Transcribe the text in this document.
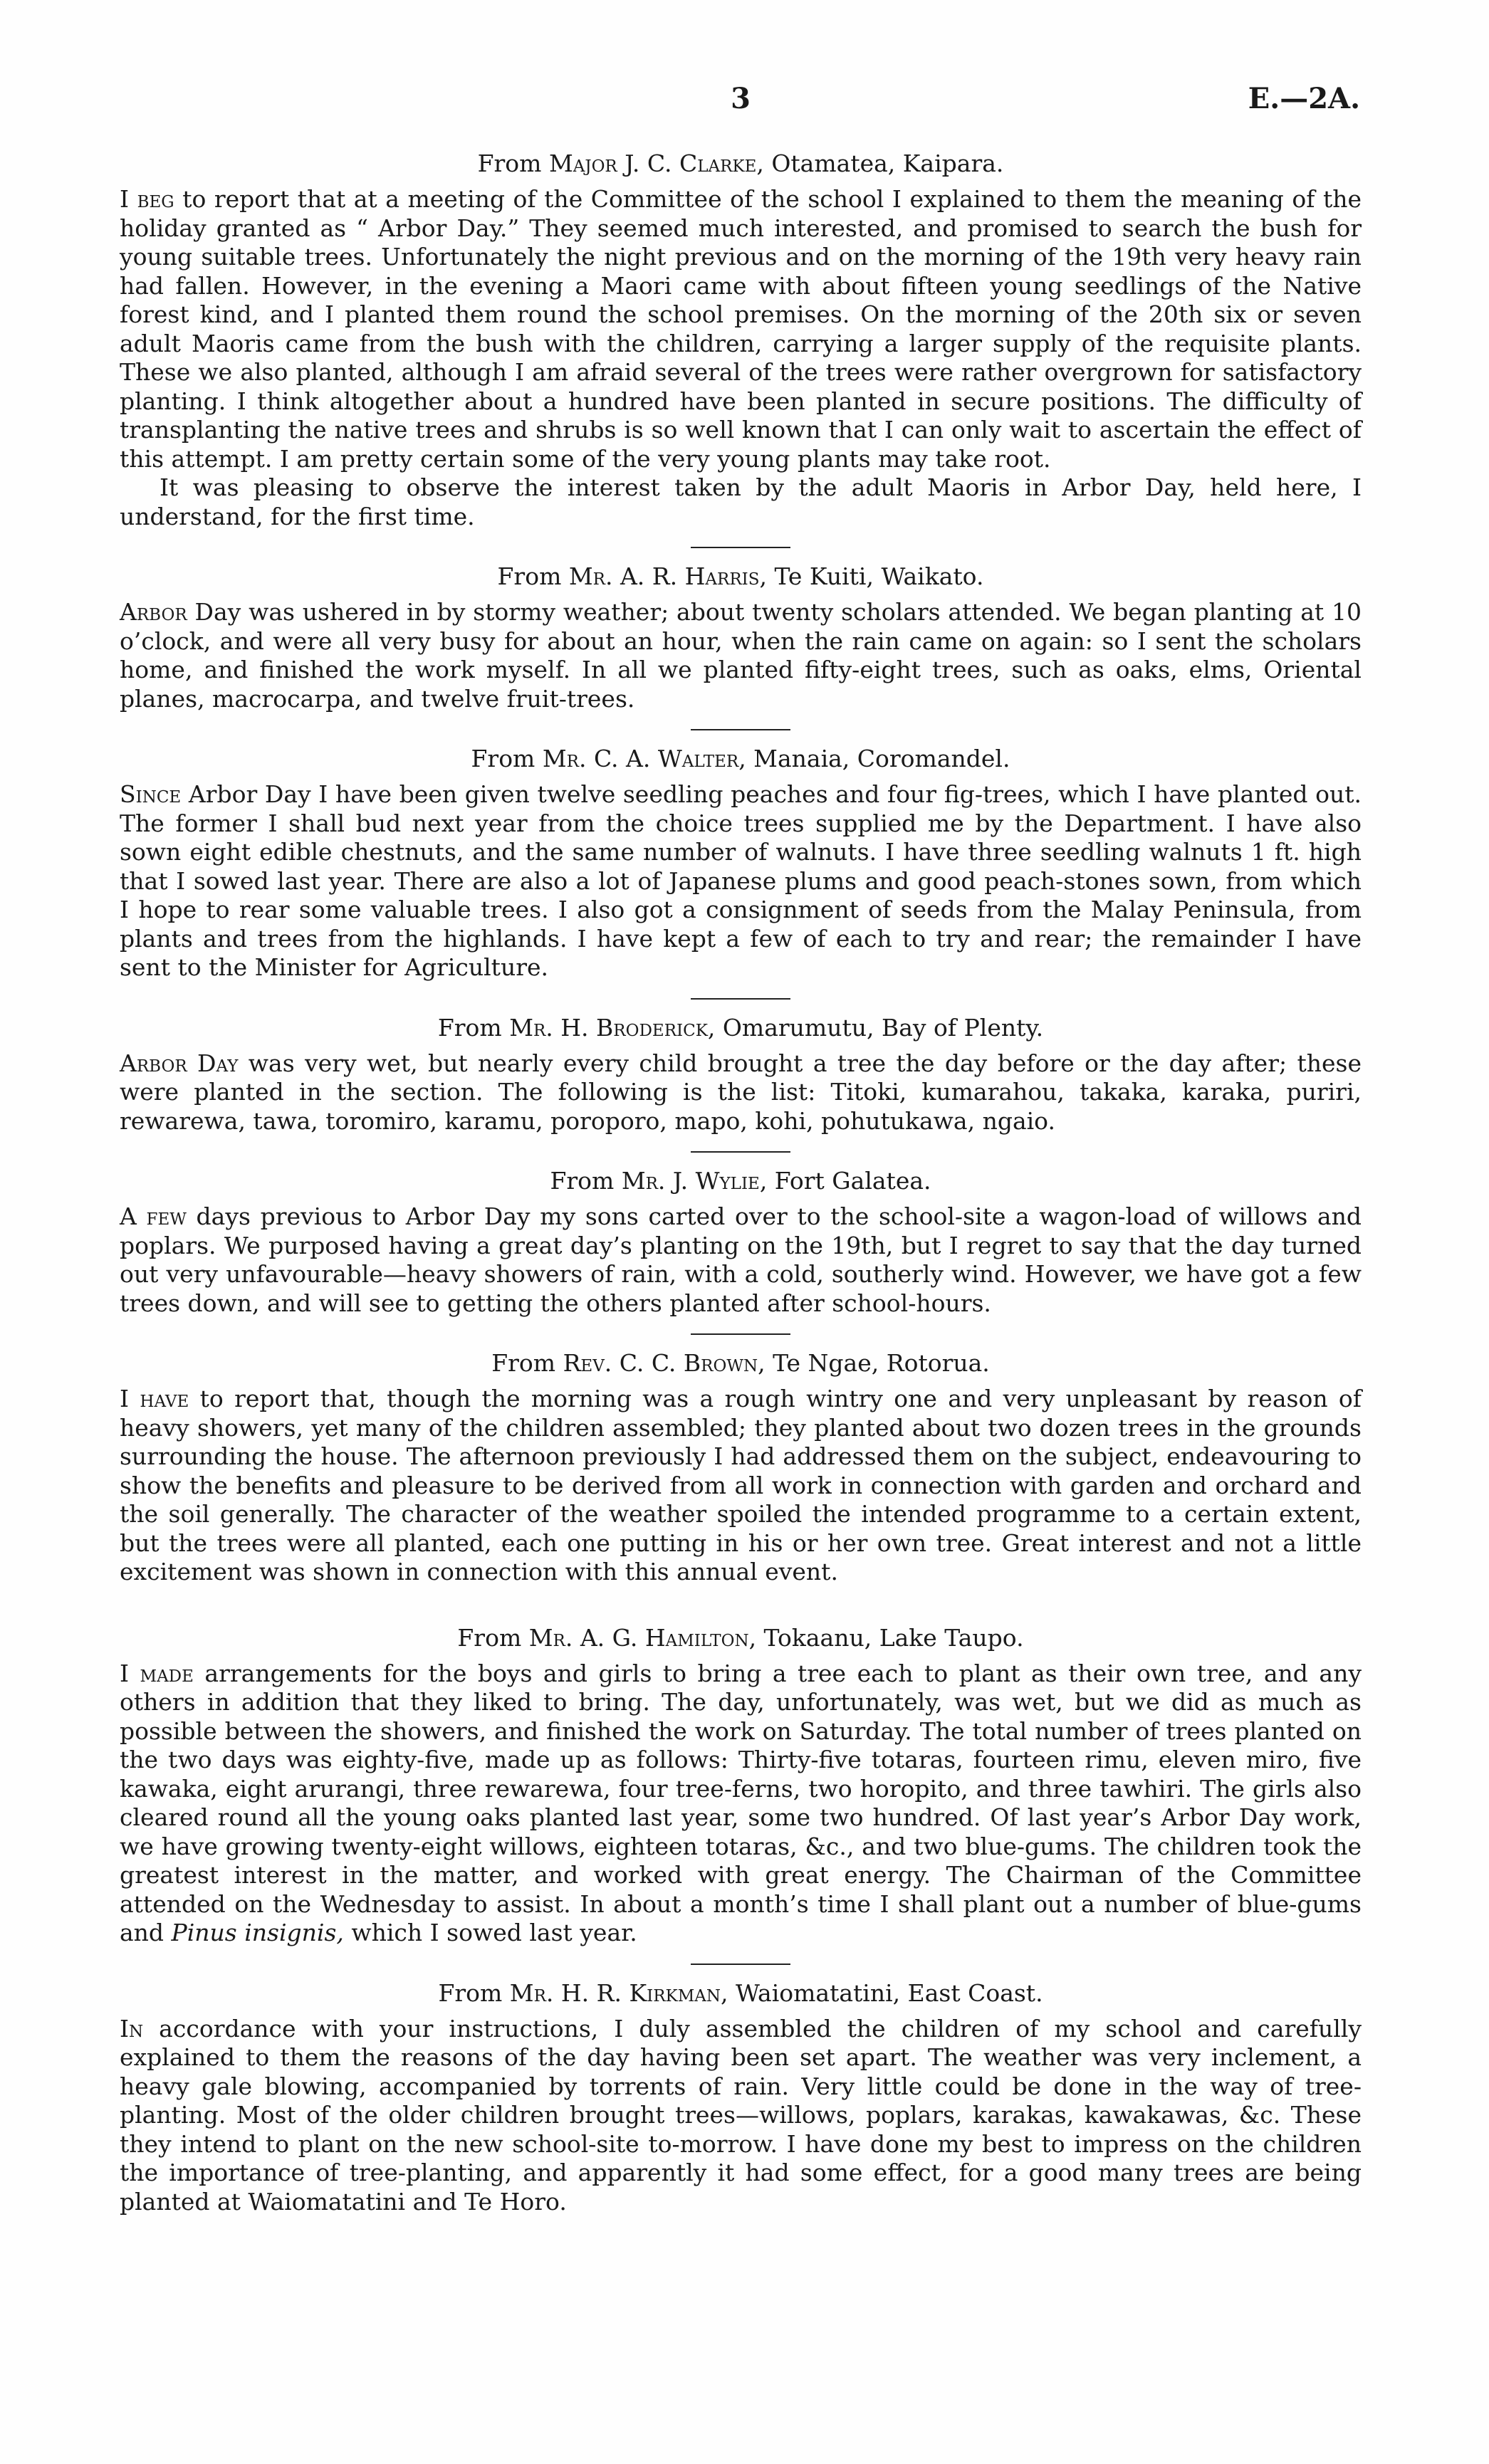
3	E.—2A.

From Major J. C. Clarke, Otamatea, Kaipara.

I beg to report that at a meeting of the Committee of the school I explained to them the meaning of the holiday granted as “ Arbor Day.” They seemed much interested, and promised to search the bush for young suitable trees. Unfortunately the night previous and on the morning of the 19th very heavy rain had fallen. However, in the evening a Maori came with about fifteen young seedlings of the Native forest kind, and I planted them round the school premises. On the morning of the 20th six or seven adult Maoris came from the bush with the children, carrying a larger supply of the requisite plants. These we also planted, although I am afraid several of the trees were rather overgrown for satisfactory planting. I think altogether about a hundred have been planted in secure positions. The difficulty of transplanting the native trees and shrubs is so well known that I can only wait to ascertain the effect of this attempt. I am pretty certain some of the very young plants may take root.

It was pleasing to observe the interest taken by the adult Maoris in Arbor Day, held here, I understand, for the first time.

From Mr. A. R. Harris, Te Kuiti, Waikato.

Arbor Day was ushered in by stormy weather; about twenty scholars attended. We began planting at 10 o’clock, and were all very busy for about an hour, when the rain came on again: so I sent the scholars home, and finished the work myself. In all we planted fifty-eight trees, such as oaks, elms, Oriental planes, macrocarpa, and twelve fruit-trees.

From Mr. C. A. Walter, Manaia, Coromandel.

Since Arbor Day I have been given twelve seedling peaches and four fig-trees, which I have planted out. The former I shall bud next year from the choice trees supplied me by the Department. I have also sown eight edible chestnuts, and the same number of walnuts. I have three seedling walnuts 1 ft. high that I sowed last year. There are also a lot of Japanese plums and good peach-stones sown, from which I hope to rear some valuable trees. I also got a consignment of seeds from the Malay Peninsula, from plants and trees from the highlands. I have kept a few of each to try and rear; the remainder I have sent to the Minister for Agriculture.

From Mr. H. Broderick, Omarumutu, Bay of Plenty.

Arbor Day was very wet, but nearly every child brought a tree the day before or the day after; these were planted in the section. The following is the list: Titoki, kumarahou, takaka, karaka, puriri, rewarewa, tawa, toromiro, karamu, poroporo, mapo, kohi, pohutukawa, ngaio.

From Mr. J. Wylie, Fort Galatea.

A few days previous to Arbor Day my sons carted over to the school-site a wagon-load of willows and poplars. We purposed having a great day’s planting on the 19th, but I regret to say that the day turned out very unfavourable—heavy showers of rain, with a cold, southerly wind. However, we have got a few trees down, and will see to getting the others planted after school-hours.

From Rev. C. C. Brown, Te Ngae, Rotorua.

I have to report that, though the morning was a rough wintry one and very unpleasant by reason of heavy showers, yet many of the children assembled; they planted about two dozen trees in the grounds surrounding the house. The afternoon previously I had addressed them on the subject, endeavouring to show the benefits and pleasure to be derived from all work in connection with garden and orchard and the soil generally. The character of the weather spoiled the intended programme to a certain extent, but the trees were all planted, each one putting in his or her own tree. Great interest and not a little excitement was shown in connection with this annual event.

From Mr. A. G. Hamilton, Tokaanu, Lake Taupo.

I made arrangements for the boys and girls to bring a tree each to plant as their own tree, and any others in addition that they liked to bring. The day, unfortunately, was wet, but we did as much as possible between the showers, and finished the work on Saturday. The total number of trees planted on the two days was eighty-five, made up as follows: Thirty-five totaras, fourteen rimu, eleven miro, five kawaka, eight arurangi, three rewarewa, four tree-ferns, two horopito, and three tawhiri. The girls also cleared round all the young oaks planted last year, some two hundred. Of last year’s Arbor Day work, we have growing twenty-eight willows, eighteen totaras, &c., and two blue-gums. The children took the greatest interest in the matter, and worked with great energy. The Chairman of the Committee attended on the Wednesday to assist. In about a month’s time I shall plant out a number of blue-gums and Pinus insignis, which I sowed last year.

From Mr. H. R. Kirkman, Waiomatatini, East Coast.

In accordance with your instructions, I duly assembled the children of my school and carefully explained to them the reasons of the day having been set apart. The weather was very inclement, a heavy gale blowing, accompanied by torrents of rain. Very little could be done in the way of tree-planting. Most of the older children brought trees—willows, poplars, karakas, kawakawas, &c. These they intend to plant on the new school-site to-morrow. I have done my best to impress on the children the importance of tree-planting, and apparently it had some effect, for a good many trees are being planted at Waiomatatini and Te Horo.
